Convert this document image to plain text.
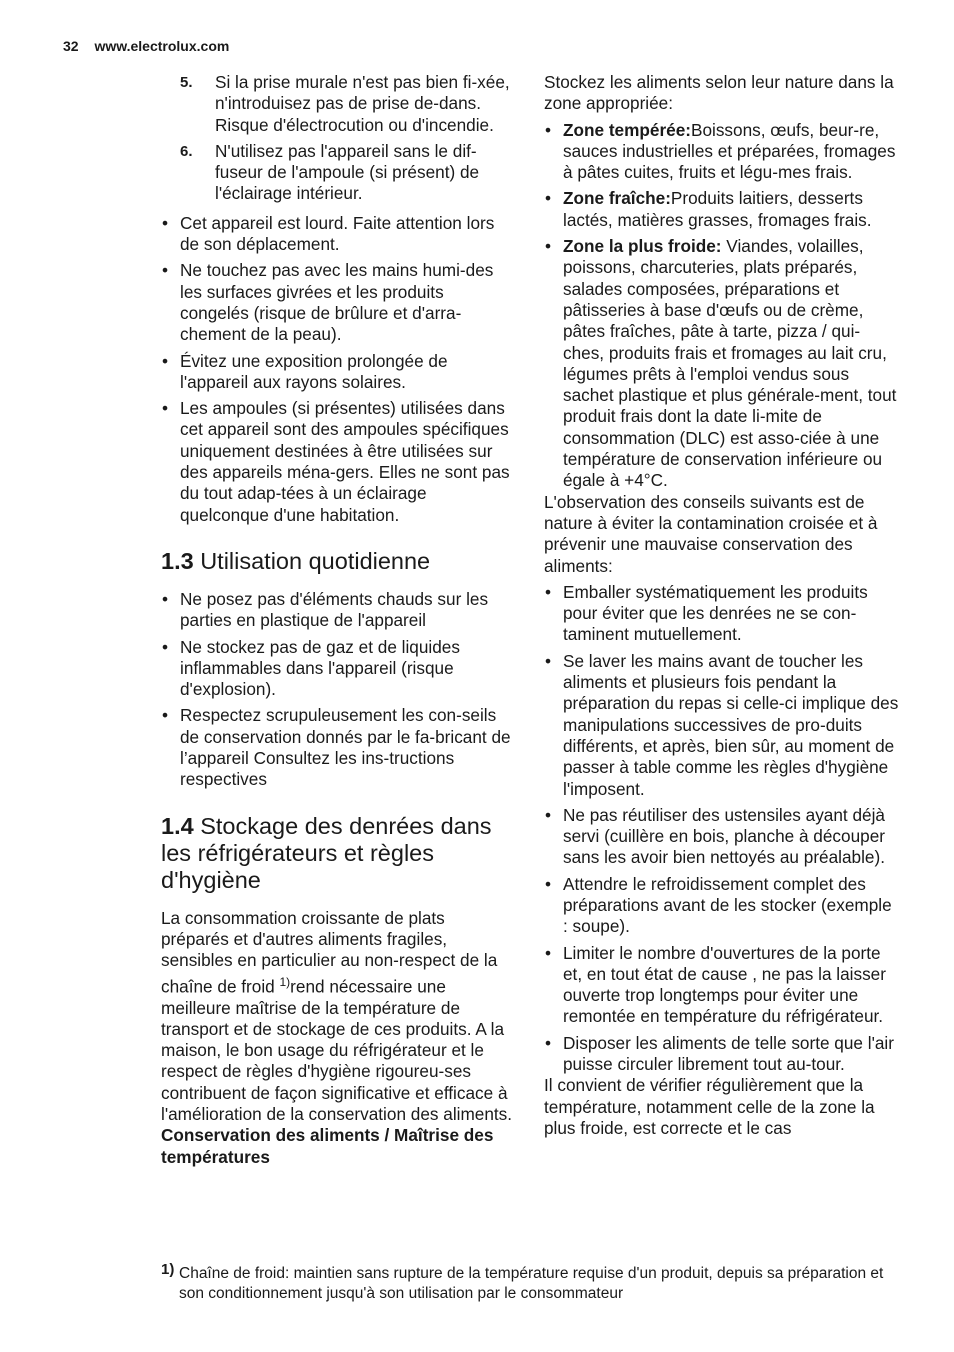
32 www.electrolux.com
5. Si la prise murale n'est pas bien fi-xée, n'introduisez pas de prise de-dans. Risque d'électrocution ou d'incendie.
6. N'utilisez pas l'appareil sans le dif-fuseur de l'ampoule (si présent) de l'éclairage intérieur.
• Cet appareil est lourd. Faite attention lors de son déplacement.
• Ne touchez pas avec les mains humi-des les surfaces givrées et les produits congelés (risque de brûlure et d'arra-chement de la peau).
• Évitez une exposition prolongée de l'appareil aux rayons solaires.
• Les ampoules (si présentes) utilisées dans cet appareil sont des ampoules spécifiques uniquement destinées à être utilisées sur des appareils ména-gers. Elles ne sont pas du tout adap-tées à un éclairage quelconque d'une habitation.
1.3 Utilisation quotidienne
• Ne posez pas d'éléments chauds sur les parties en plastique de l'appareil
• Ne stockez pas de gaz et de liquides inflammables dans l'appareil (risque d'explosion).
• Respectez scrupuleusement les con-seils de conservation donnés par le fa-bricant de l’appareil Consultez les ins-tructions respectives
1.4 Stockage des denrées dans les réfrigérateurs et règles d'hygiène

La consommation croissante de plats préparés et d'autres aliments fragiles, sensibles en particulier au non-respect de la chaîne de froid $^{1)}$rend nécessaire une meilleure maîtrise de la température de transport et de stockage de ces produits. A la maison, le bon usage du réfrigérateur et le respect de règles d'hygiène rigoureu-ses contribuent de façon significative et efficace à l'amélioration de la conservation des aliments.

Conservation des aliments / Maîtrise des températures

Stockez les aliments selon leur nature dans la zone appropriée:

• Zone tempérée:Boissons, œufs, beur-re, sauces industrielles et préparées, fromages à pâtes cuites, fruits et légu-mes frais.
• Zone fraîche:Produits laitiers, desserts lactés, matières grasses, fromages frais.
• Zone la plus froide: Viandes, volailles, poissons, charcuteries, plats préparés, salades composées, préparations et pâtisseries à base d'œufs ou de crème, pâtes fraîches, pâte à tarte, pizza / qui-ches, produits frais et fromages au lait cru, légumes prêts à l'emploi vendus sous sachet plastique et plus générale-ment, tout produit frais dont la date li-mite de consommation (DLC) est asso-ciée à une température de conservation inférieure ou égale à +4°C.

L'observation des conseils suivants est de nature à éviter la contamination croisée et à prévenir une mauvaise conservation des aliments:

• Emballer systématiquement les produits pour éviter que les denrées ne se con-taminent mutuellement.
• Se laver les mains avant de toucher les aliments et plusieurs fois pendant la préparation du repas si celle-ci implique des manipulations successives de pro-duits différents, et après, bien sûr, au moment de passer à table comme les règles d'hygiène l'imposent.
• Ne pas réutiliser des ustensiles ayant déjà servi (cuillère en bois, planche à découper sans les avoir bien nettoyés au préalable).
• Attendre le refroidissement complet des préparations avant de les stocker (exemple : soupe).
• Limiter le nombre d'ouvertures de la porte et, en tout état de cause , ne pas la laisser ouverte trop longtemps pour éviter une remontée en température du réfrigérateur.
• Disposer les aliments de telle sorte que l'air puisse circuler librement tout au-tour.

Il convient de vérifier régulièrement que la température, notamment celle de la zone la plus froide, est correcte et le cas

1) Chaîne de froid: maintien sans rupture de la température requise d'un produit, depuis sa préparation et son conditionnement jusqu'à son utilisation par le consommateur
